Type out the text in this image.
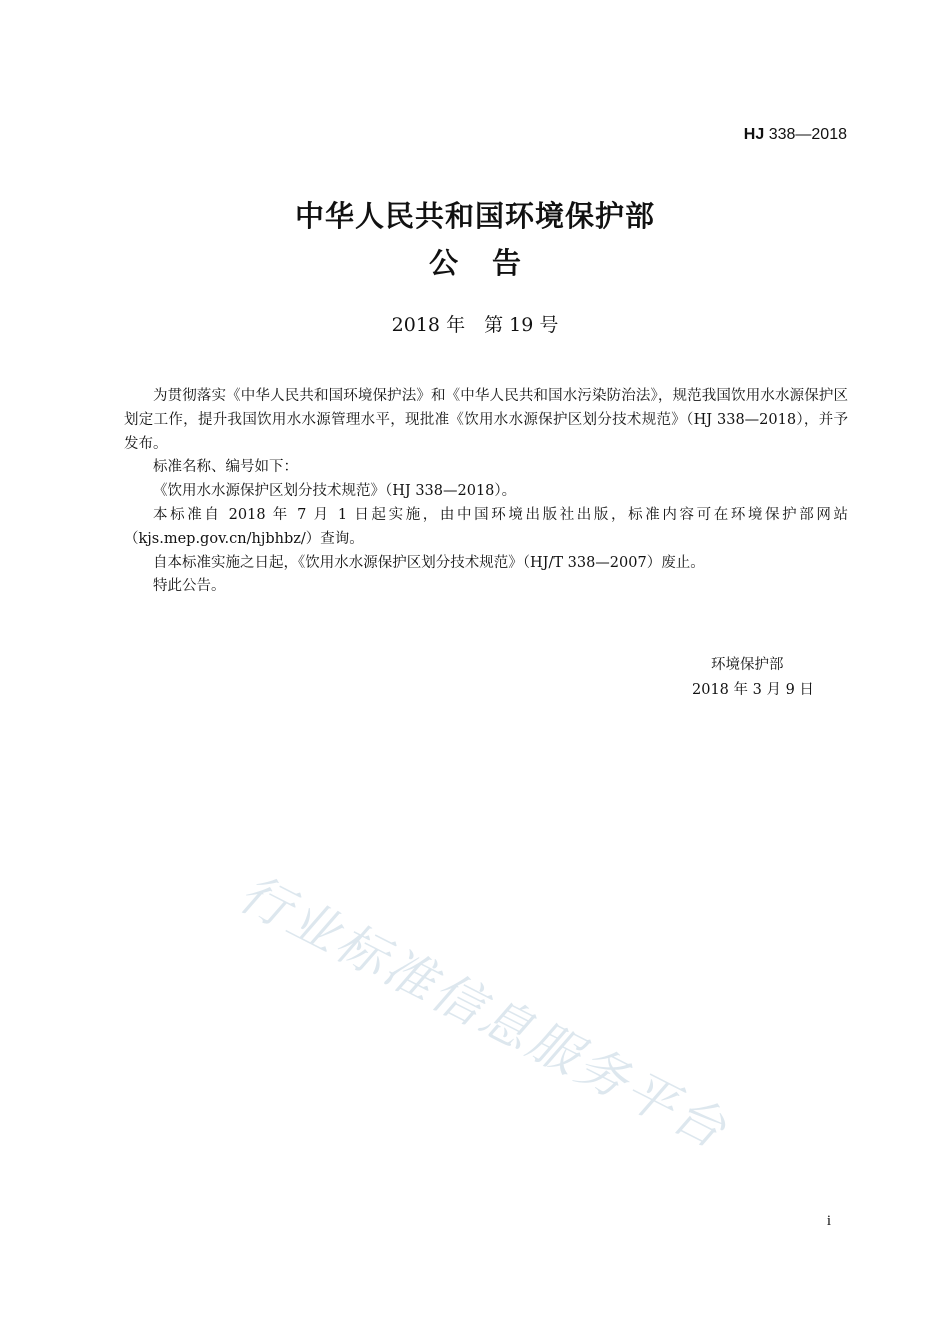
HJ 338—2018
中华人民共和国环境保护部
公告
2018 年　第 19 号

为贯彻落实《中华人民共和国环境保护法》和《中华人民共和国水污染防治法》，规范我国饮用水水源保护区划定工作，提升我国饮用水水源管理水平，现批准《饮用水水源保护区划分技术规范》（HJ 338—2018），并予发布。

标准名称、编号如下：

《饮用水水源保护区划分技术规范》（HJ 338—2018）。

本标准自 2018 年 7 月 1 日起实施，由中国环境出版社出版，标准内容可在环境保护部网站（kjs.mep.gov.cn/hjbhbz/）查询。

自本标准实施之日起，《饮用水水源保护区划分技术规范》（HJ/T 338—2007）废止。

特此公告。

环境保护部
2018 年 3 月 9 日
行业标准信息服务平台
i
